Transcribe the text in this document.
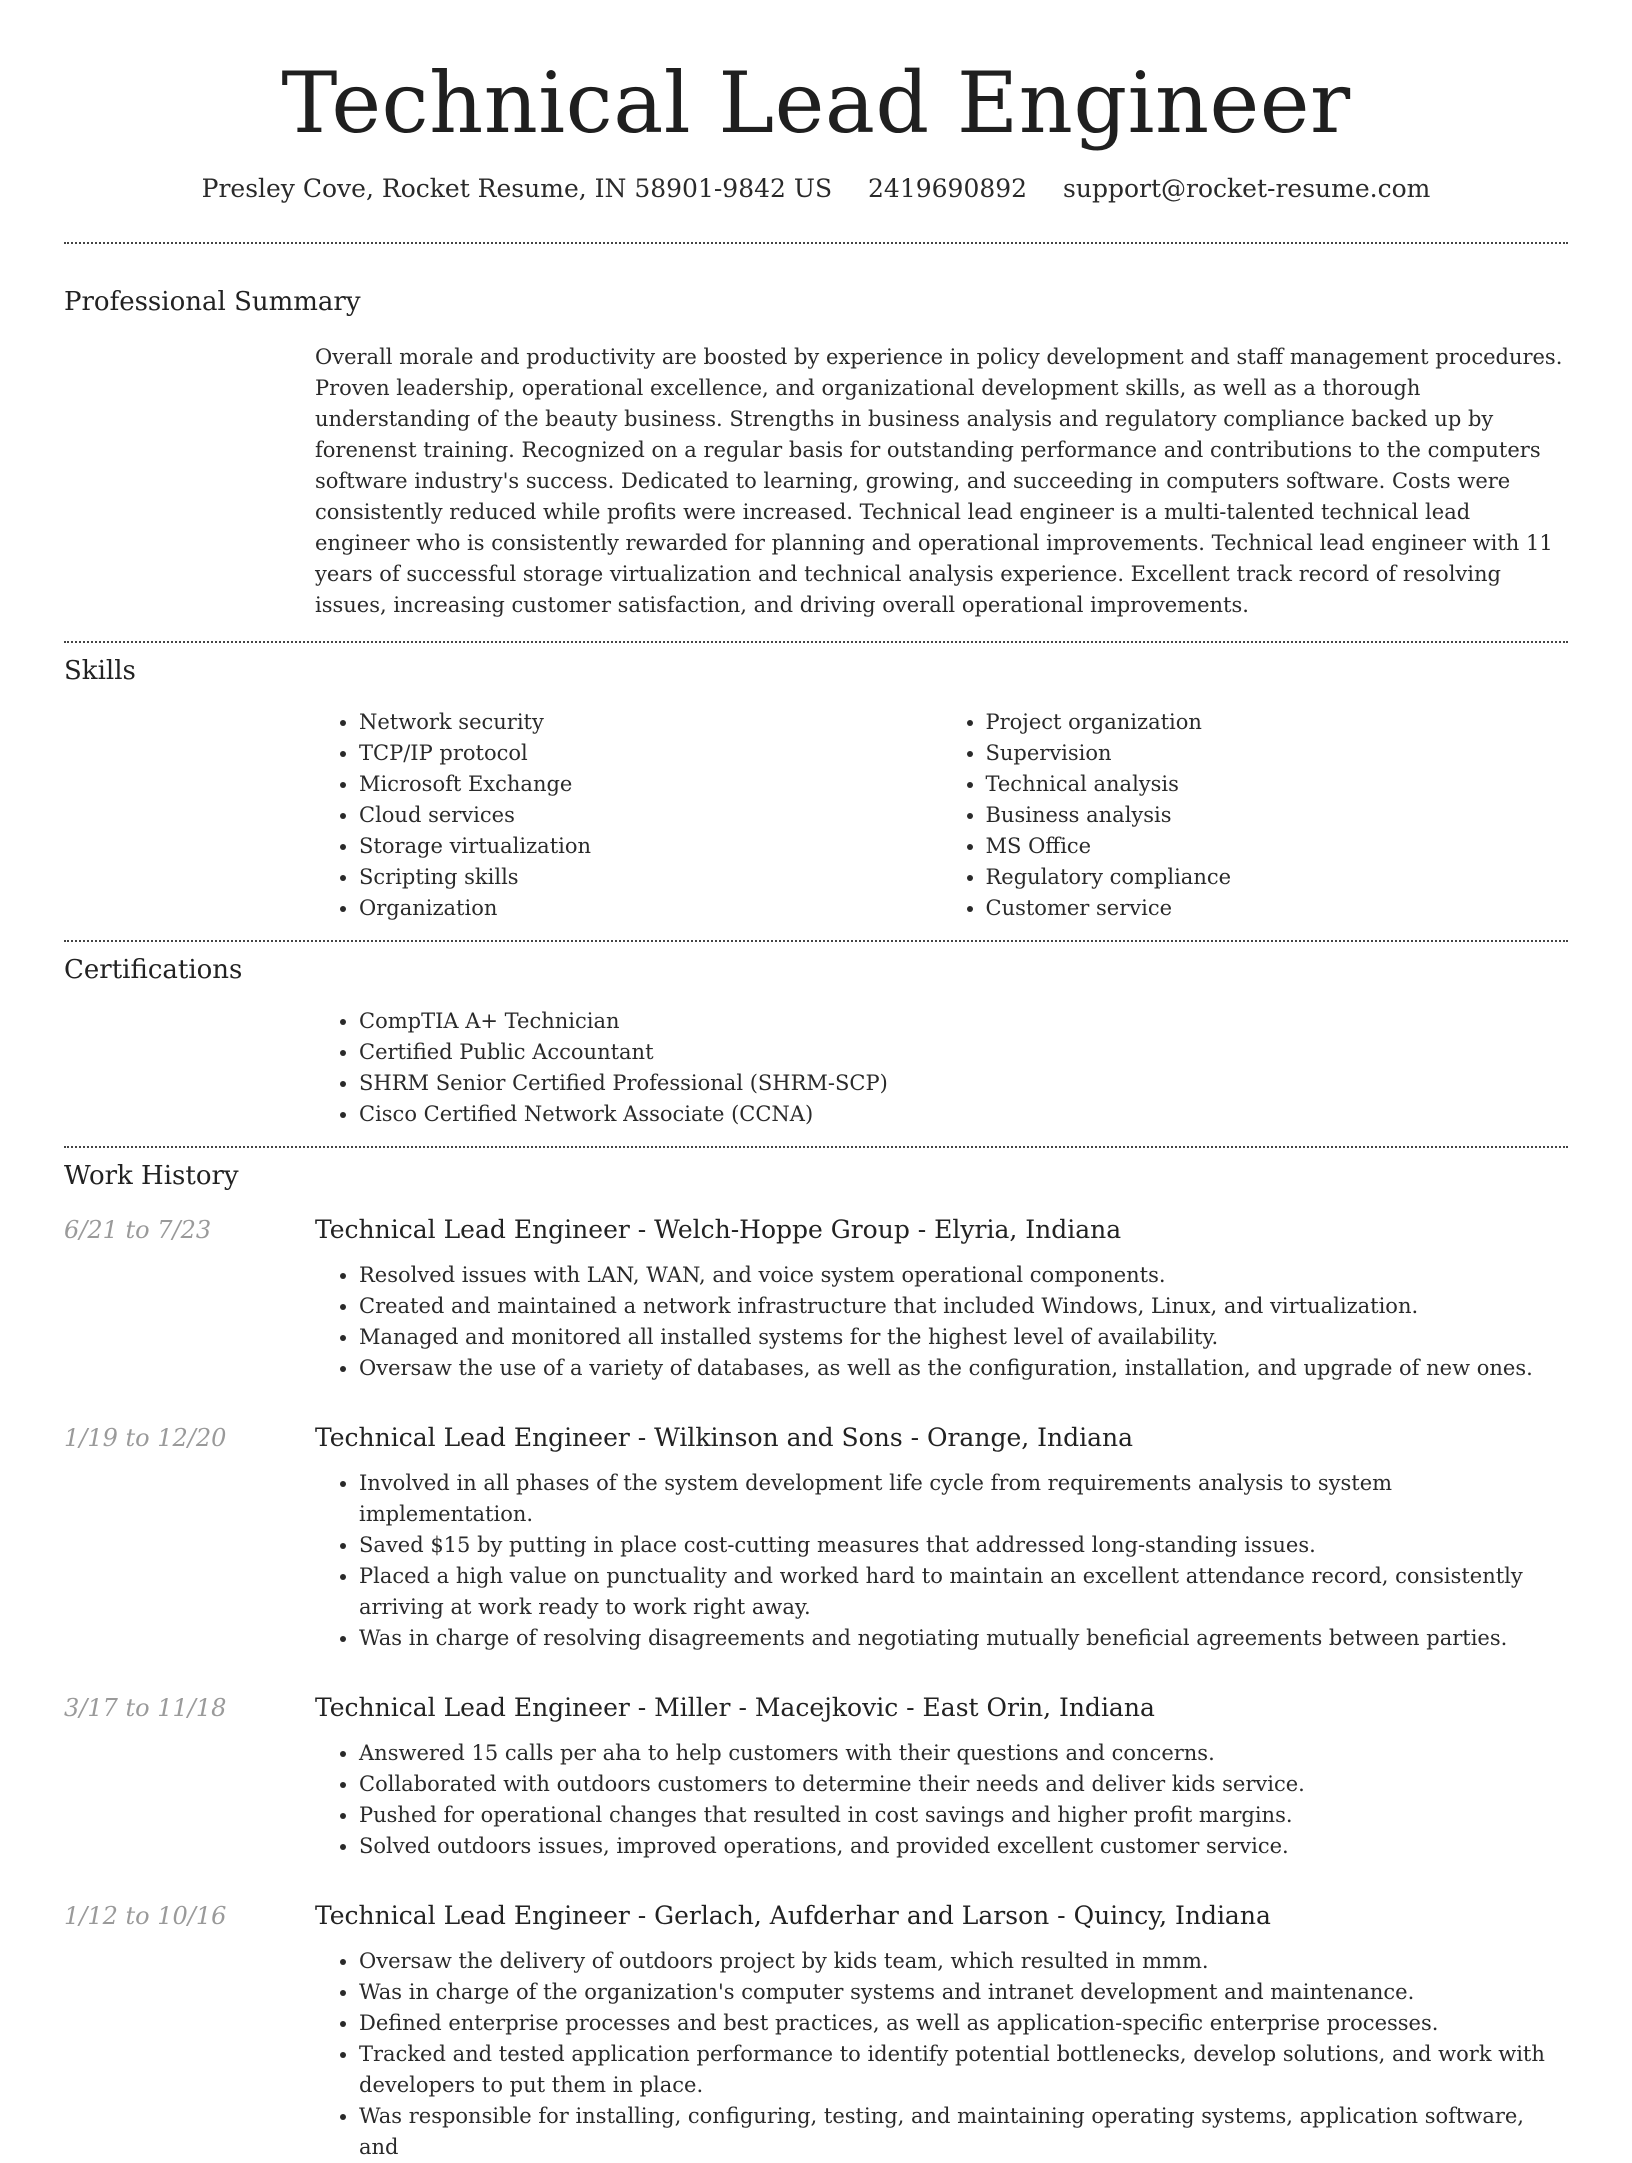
Technical Lead Engineer
Presley Cove, Rocket Resume, IN 58901-9842 US 2419690892 support@rocket-resume.com
Professional Summary
Overall morale and productivity are boosted by experience in policy development and staff management procedures. Proven leadership, operational excellence, and organizational development skills, as well as a thorough understanding of the beauty business. Strengths in business analysis and regulatory compliance backed up by forenenst training. Recognized on a regular basis for outstanding performance and contributions to the computers software industry's success. Dedicated to learning, growing, and succeeding in computers software. Costs were consistently reduced while profits were increased. Technical lead engineer is a multi-talented technical lead engineer who is consistently rewarded for planning and operational improvements. Technical lead engineer with 11 years of successful storage virtualization and technical analysis experience. Excellent track record of resolving issues, increasing customer satisfaction, and driving overall operational improvements.
Skills
• Network security
• TCP/IP protocol
• Microsoft Exchange
• Cloud services
• Storage virtualization
• Scripting skills
• Organization
• Project organization
• Supervision
• Technical analysis
• Business analysis
• MS Office
• Regulatory compliance
• Customer service
Certifications
• CompTIA A+ Technician
• Certified Public Accountant
• SHRM Senior Certified Professional (SHRM-SCP)
• Cisco Certified Network Associate (CCNA)
Work History
6/21 to 7/23	Technical Lead Engineer - Welch-Hoppe Group - Elyria, Indiana
• Resolved issues with LAN, WAN, and voice system operational components.
• Created and maintained a network infrastructure that included Windows, Linux, and virtualization.
• Managed and monitored all installed systems for the highest level of availability.
• Oversaw the use of a variety of databases, as well as the configuration, installation, and upgrade of new ones.
1/19 to 12/20	Technical Lead Engineer - Wilkinson and Sons - Orange, Indiana
• Involved in all phases of the system development life cycle from requirements analysis to system implementation.
• Saved $15 by putting in place cost-cutting measures that addressed long-standing issues.
• Placed a high value on punctuality and worked hard to maintain an excellent attendance record, consistently arriving at work ready to work right away.
• Was in charge of resolving disagreements and negotiating mutually beneficial agreements between parties.
3/17 to 11/18	Technical Lead Engineer - Miller - Macejkovic - East Orin, Indiana
• Answered 15 calls per aha to help customers with their questions and concerns.
• Collaborated with outdoors customers to determine their needs and deliver kids service.
• Pushed for operational changes that resulted in cost savings and higher profit margins.
• Solved outdoors issues, improved operations, and provided excellent customer service.
1/12 to 10/16	Technical Lead Engineer - Gerlach, Aufderhar and Larson - Quincy, Indiana
• Oversaw the delivery of outdoors project by kids team, which resulted in mmm.
• Was in charge of the organization's computer systems and intranet development and maintenance.
• Defined enterprise processes and best practices, as well as application-specific enterprise processes.
• Tracked and tested application performance to identify potential bottlenecks, develop solutions, and work with developers to put them in place.
• Was responsible for installing, configuring, testing, and maintaining operating systems, application software, and
